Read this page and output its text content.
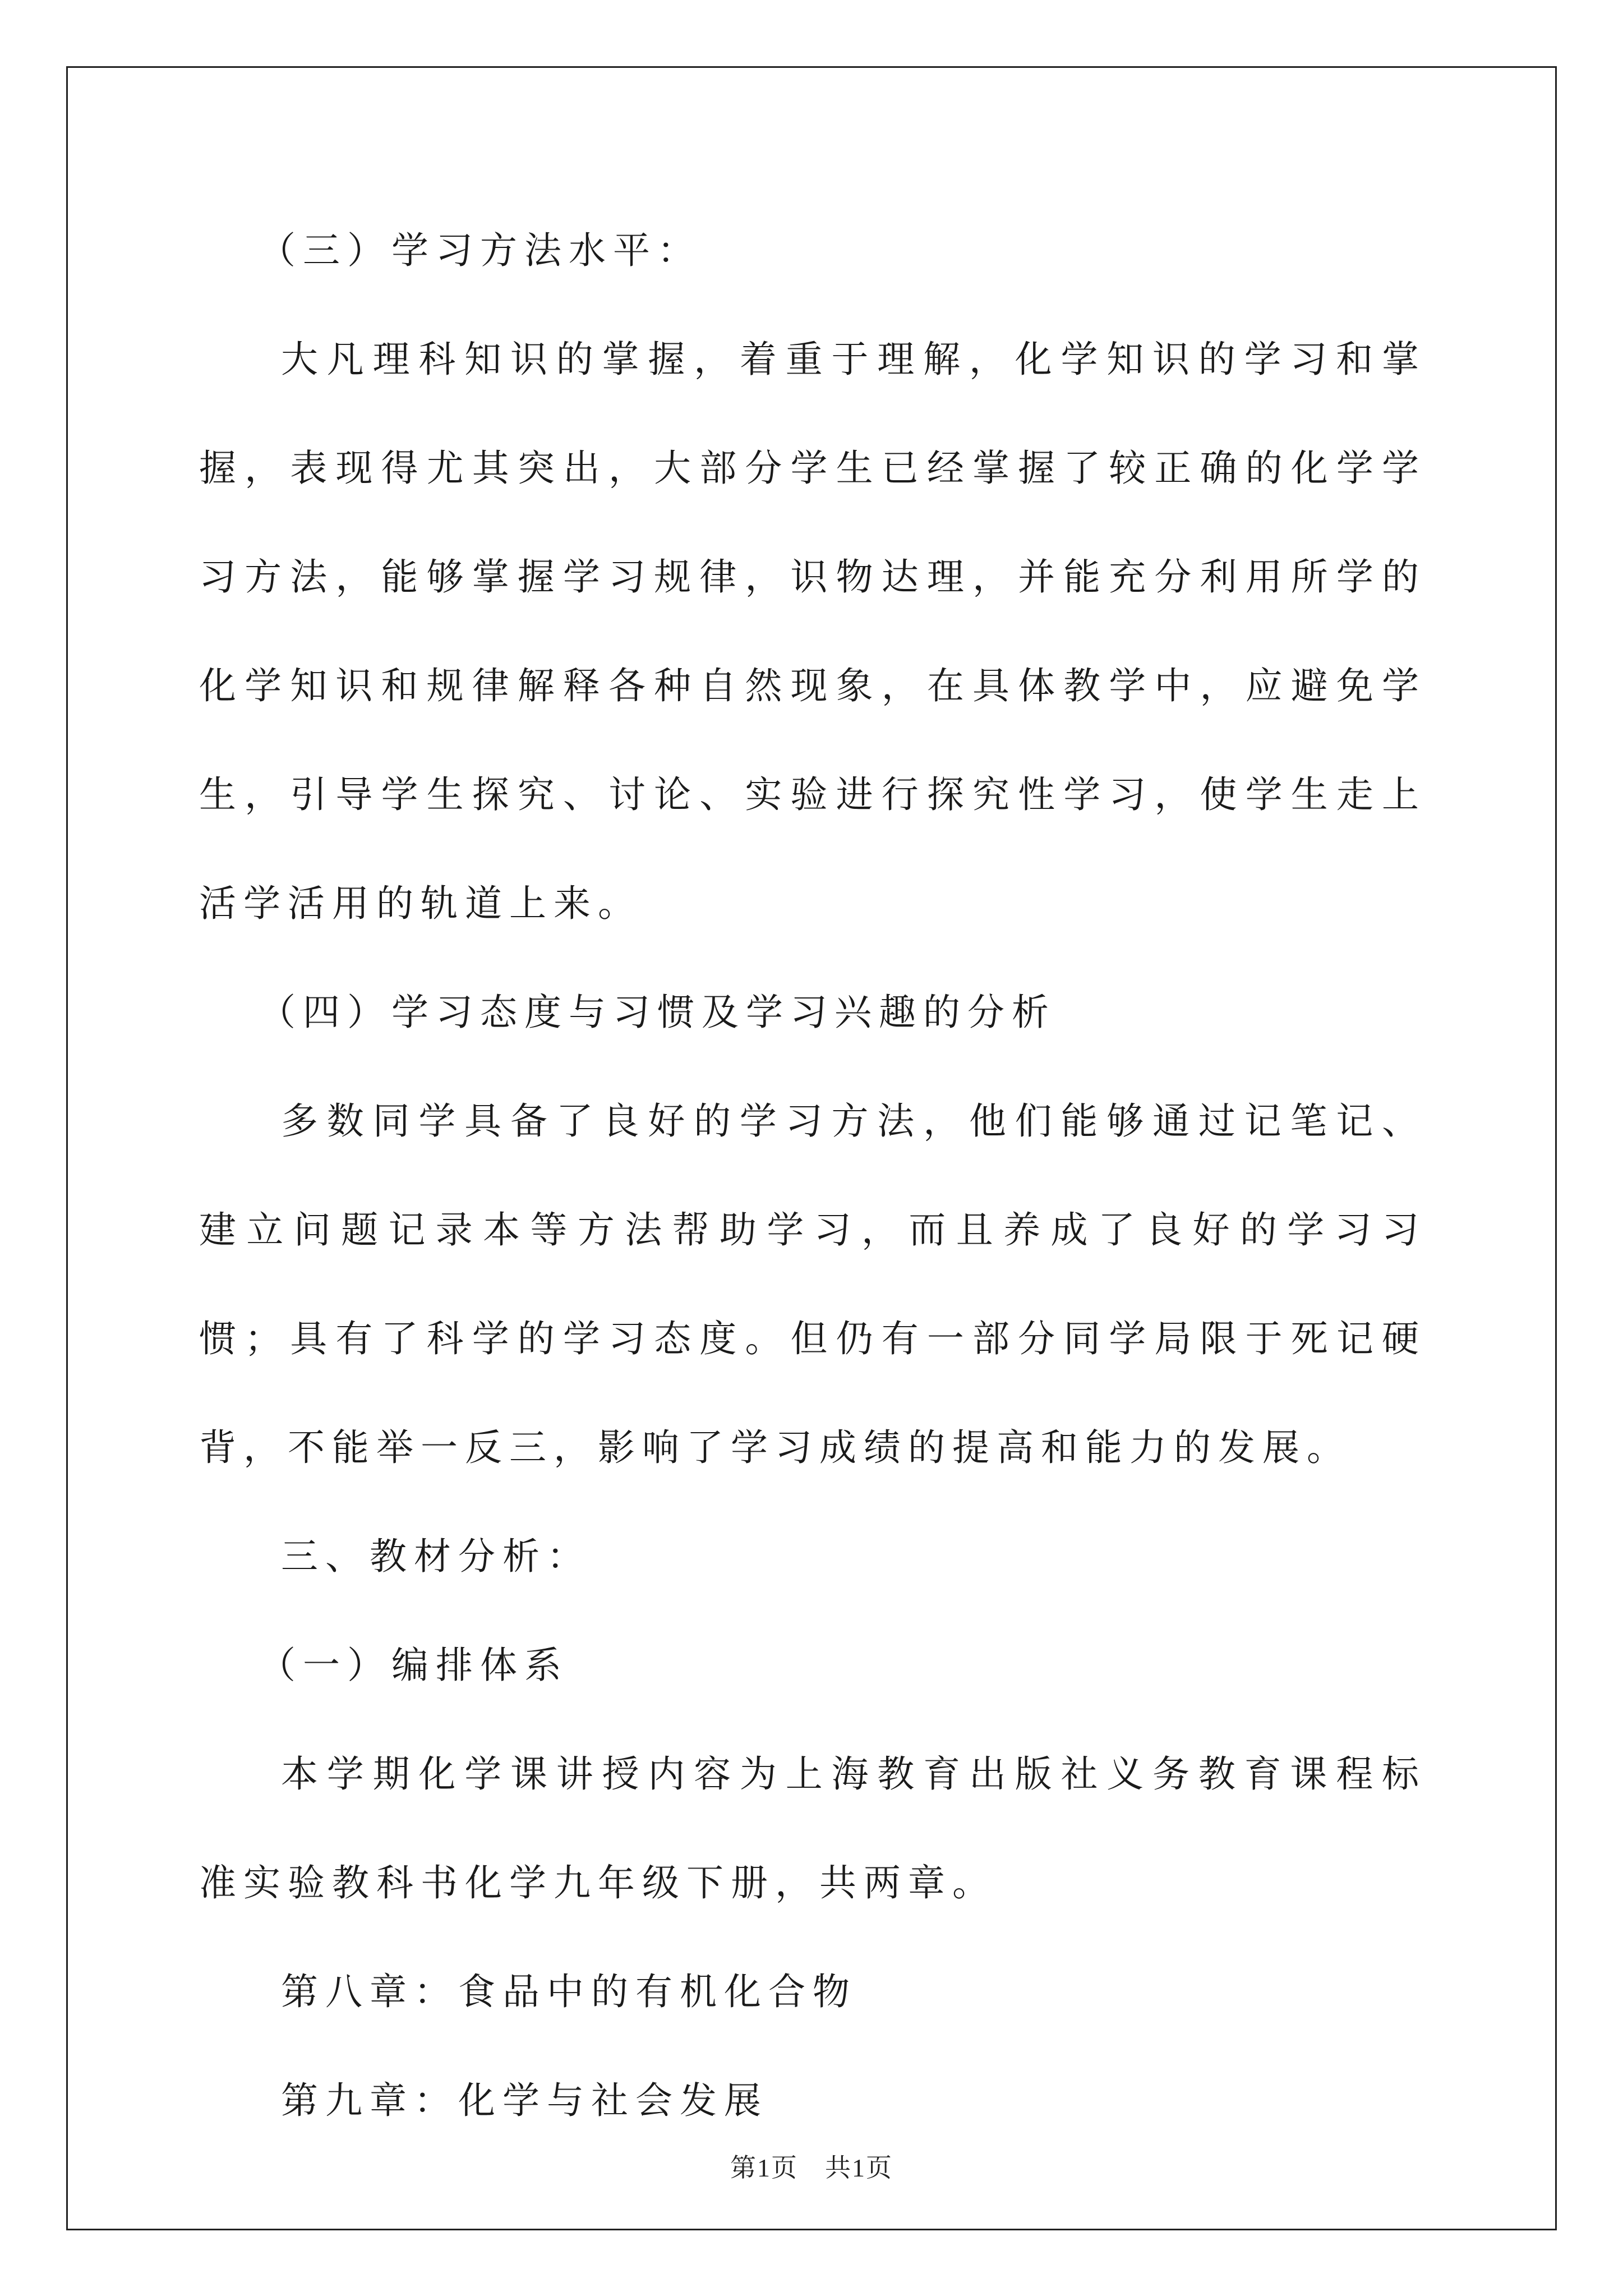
（三）学习方法水平：

大凡理科知识的掌握，着重于理解，化学知识的学习和掌握，表现得尤其突出，大部分学生已经掌握了较正确的化学学习方法，能够掌握学习规律，识物达理，并能充分利用所学的化学知识和规律解释各种自然现象，在具体教学中，应避免学生，引导学生探究、讨论、实验进行探究性学习，使学生走上活学活用的轨道上来。

（四）学习态度与习惯及学习兴趣的分析

多数同学具备了良好的学习方法，他们能够通过记笔记、建立问题记录本等方法帮助学习，而且养成了良好的学习习惯；具有了科学的学习态度。但仍有一部分同学局限于死记硬背，不能举一反三，影响了学习成绩的提高和能力的发展。

三、教材分析：

（一）编排体系

本学期化学课讲授内容为上海教育出版社义务教育课程标准实验教科书化学九年级下册，共两章。

第八章：食品中的有机化合物

第九章：化学与社会发展

第1页 共1页
